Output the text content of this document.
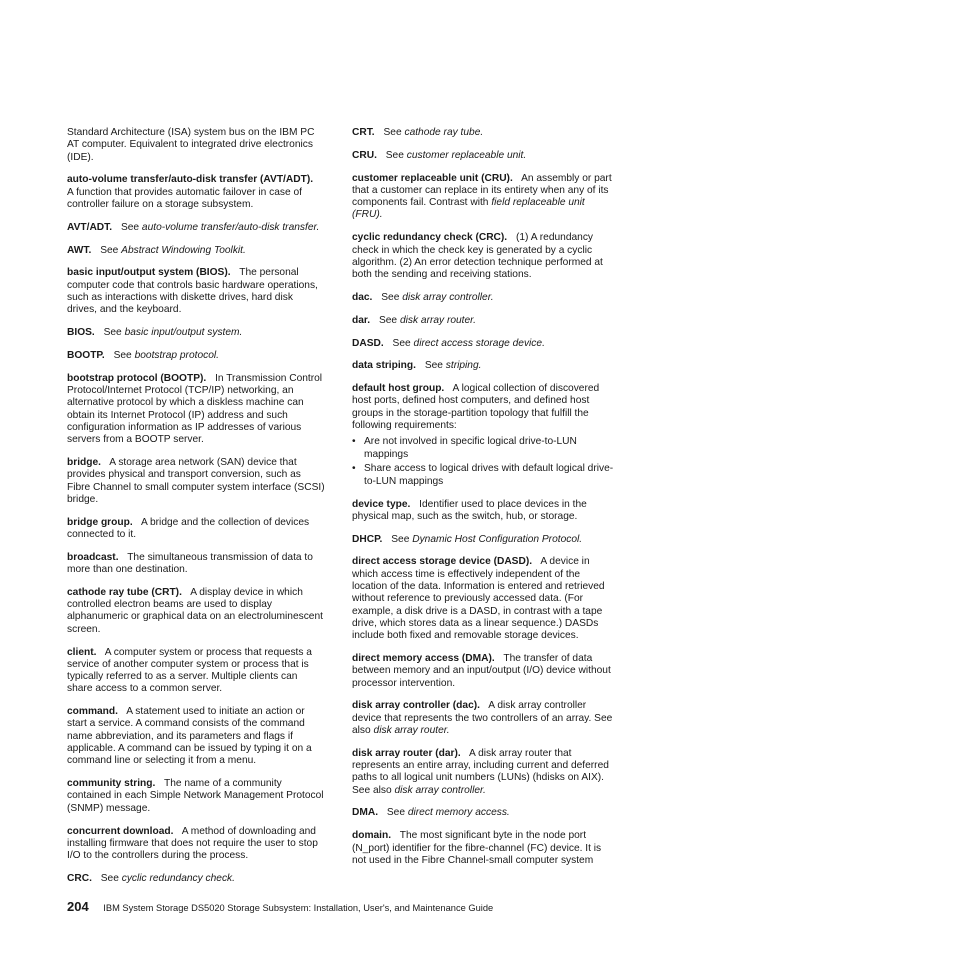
Standard Architecture (ISA) system bus on the IBM PC AT computer. Equivalent to integrated drive electronics (IDE).

auto-volume transfer/auto-disk transfer (AVT/ADT). A function that provides automatic failover in case of controller failure on a storage subsystem.

AVT/ADT. See auto-volume transfer/auto-disk transfer.

AWT. See Abstract Windowing Toolkit.

basic input/output system (BIOS). The personal computer code that controls basic hardware operations, such as interactions with diskette drives, hard disk drives, and the keyboard.

BIOS. See basic input/output system.

BOOTP. See bootstrap protocol.

bootstrap protocol (BOOTP). In Transmission Control Protocol/Internet Protocol (TCP/IP) networking, an alternative protocol by which a diskless machine can obtain its Internet Protocol (IP) address and such configuration information as IP addresses of various servers from a BOOTP server.

bridge. A storage area network (SAN) device that provides physical and transport conversion, such as Fibre Channel to small computer system interface (SCSI) bridge.

bridge group. A bridge and the collection of devices connected to it.

broadcast. The simultaneous transmission of data to more than one destination.

cathode ray tube (CRT). A display device in which controlled electron beams are used to display alphanumeric or graphical data on an electroluminescent screen.

client. A computer system or process that requests a service of another computer system or process that is typically referred to as a server. Multiple clients can share access to a common server.

command. A statement used to initiate an action or start a service. A command consists of the command name abbreviation, and its parameters and flags if applicable. A command can be issued by typing it on a command line or selecting it from a menu.

community string. The name of a community contained in each Simple Network Management Protocol (SNMP) message.

concurrent download. A method of downloading and installing firmware that does not require the user to stop I/O to the controllers during the process.

CRC. See cyclic redundancy check.

CRT. See cathode ray tube.

CRU. See customer replaceable unit.

customer replaceable unit (CRU). An assembly or part that a customer can replace in its entirety when any of its components fail. Contrast with field replaceable unit (FRU).

cyclic redundancy check (CRC). (1) A redundancy check in which the check key is generated by a cyclic algorithm. (2) An error detection technique performed at both the sending and receiving stations.

dac. See disk array controller.

dar. See disk array router.

DASD. See direct access storage device.

data striping. See striping.

default host group. A logical collection of discovered host ports, defined host computers, and defined host groups in the storage-partition topology that fulfill the following requirements:

• Are not involved in specific logical drive-to-LUN mappings
• Share access to logical drives with default logical drive-to-LUN mappings

device type. Identifier used to place devices in the physical map, such as the switch, hub, or storage.

DHCP. See Dynamic Host Configuration Protocol.

direct access storage device (DASD). A device in which access time is effectively independent of the location of the data. Information is entered and retrieved without reference to previously accessed data. (For example, a disk drive is a DASD, in contrast with a tape drive, which stores data as a linear sequence.) DASDs include both fixed and removable storage devices.

direct memory access (DMA). The transfer of data between memory and an input/output (I/O) device without processor intervention.

disk array controller (dac). A disk array controller device that represents the two controllers of an array. See also disk array router.

disk array router (dar). A disk array router that represents an entire array, including current and deferred paths to all logical unit numbers (LUNs) (hdisks on AIX). See also disk array controller.

DMA. See direct memory access.

domain. The most significant byte in the node port (N_port) identifier for the fibre-channel (FC) device. It is not used in the Fibre Channel-small computer system

204 IBM System Storage DS5020 Storage Subsystem: Installation, User's, and Maintenance Guide
